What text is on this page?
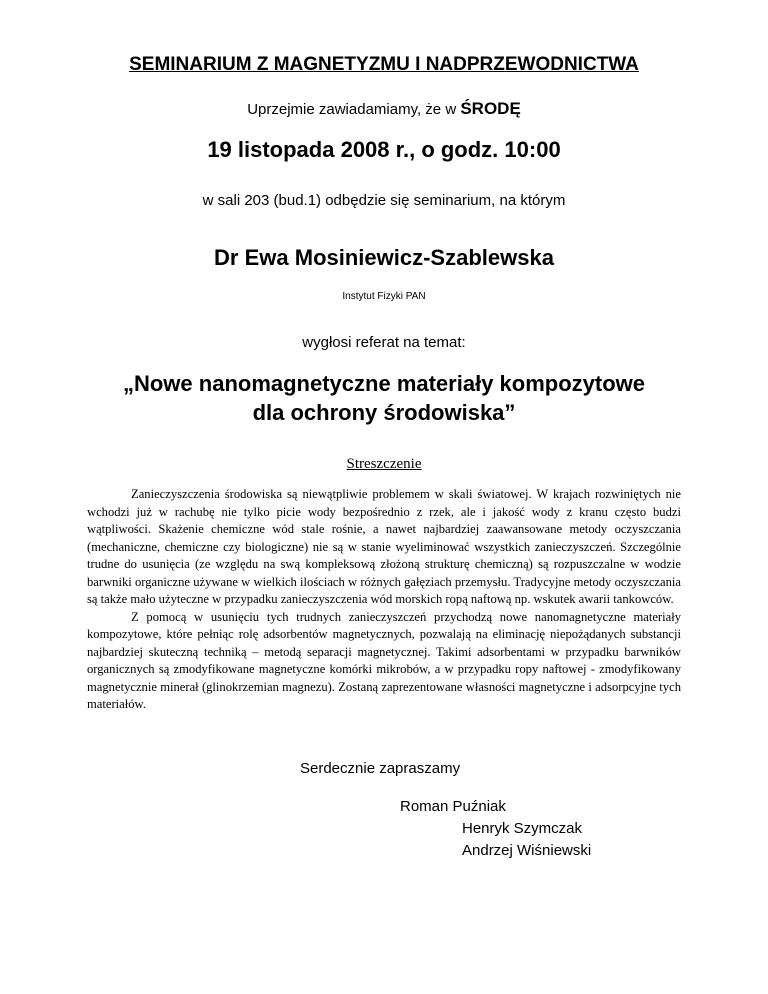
SEMINARIUM Z MAGNETYZMU I NADPRZEWODNICTWA
Uprzejmie zawiadamiamy, że w ŚRODĘ
19 listopada 2008 r., o godz. 10:00
w sali 203 (bud.1) odbędzie się seminarium, na którym
Dr Ewa Mosiniewicz-Szablewska
Instytut Fizyki PAN
wygłosi referat na temat:
„Nowe nanomagnetyczne materiały kompozytowe
dla ochrony środowiska”
Streszczenie

Zanieczyszczenia środowiska są niewątpliwie problemem w skali światowej. W krajach rozwiniętych nie wchodzi już w rachubę nie tylko picie wody bezpośrednio z rzek, ale i jakość wody z kranu często budzi wątpliwości. Skażenie chemiczne wód stale rośnie, a nawet najbardziej zaawansowane metody oczyszczania (mechaniczne, chemiczne czy biologiczne) nie są w stanie wyeliminować wszystkich zanieczyszczeń. Szczególnie trudne do usunięcia (ze względu na swą kompleksową złożoną strukturę chemiczną) są rozpuszczalne w wodzie barwniki organiczne używane w wielkich ilościach w różnych gałęziach przemysłu. Tradycyjne metody oczyszczania są także mało użyteczne w przypadku zanieczyszczenia wód morskich ropą naftową np. wskutek awarii tankowców.

Z pomocą w usunięciu tych trudnych zanieczyszczeń przychodzą nowe nanomagnetyczne materiały kompozytowe, które pełniąc rolę adsorbentów magnetycznych, pozwalają na eliminację niepożądanych substancji najbardziej skuteczną techniką – metodą separacji magnetycznej. Takimi adsorbentami w przypadku barwników organicznych są zmodyfikowane magnetyczne komórki mikrobów, a w przypadku ropy naftowej - zmodyfikowany magnetycznie minerał (glinokrzemian magnezu). Zostaną zaprezentowane własności magnetyczne i adsorpcyjne tych materiałów.

Serdecznie zapraszamy
Roman Puźniak
Henryk Szymczak
Andrzej Wiśniewski
